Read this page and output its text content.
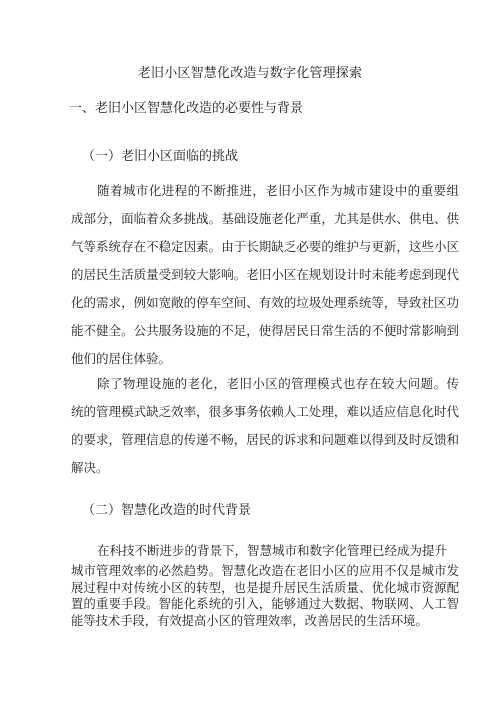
老旧小区智慧化改造与数字化管理探索
一、老旧小区智慧化改造的必要性与背景
（一）老旧小区面临的挑战

随着城市化进程的不断推进，老旧小区作为城市建设中的重要组成部分，面临着众多挑战。基础设施老化严重，尤其是供水、供电、供气等系统存在不稳定因素。由于长期缺乏必要的维护与更新，这些小区的居民生活质量受到较大影响。老旧小区在规划设计时未能考虑到现代化的需求，例如宽敞的停车空间、有效的垃圾处理系统等，导致社区功能不健全。公共服务设施的不足，使得居民日常生活的不便时常影响到他们的居住体验。

除了物理设施的老化，老旧小区的管理模式也存在较大问题。传统的管理模式缺乏效率，很多事务依赖人工处理，难以适应信息化时代的要求，管理信息的传递不畅，居民的诉求和问题难以得到及时反馈和解决。

（二）智慧化改造的时代背景
在科技不断进步的背景下，智慧城市和数字化管理已经成为提升

城市管理效率的必然趋势。智慧化改造在老旧小区的应用不仅是城市发展过程中对传统小区的转型，也是提升居民生活质量、优化城市资源配置的重要手段。智能化系统的引入，能够通过大数据、物联网、人工智能等技术手段，有效提高小区的管理效率，改善居民的生活环境。
